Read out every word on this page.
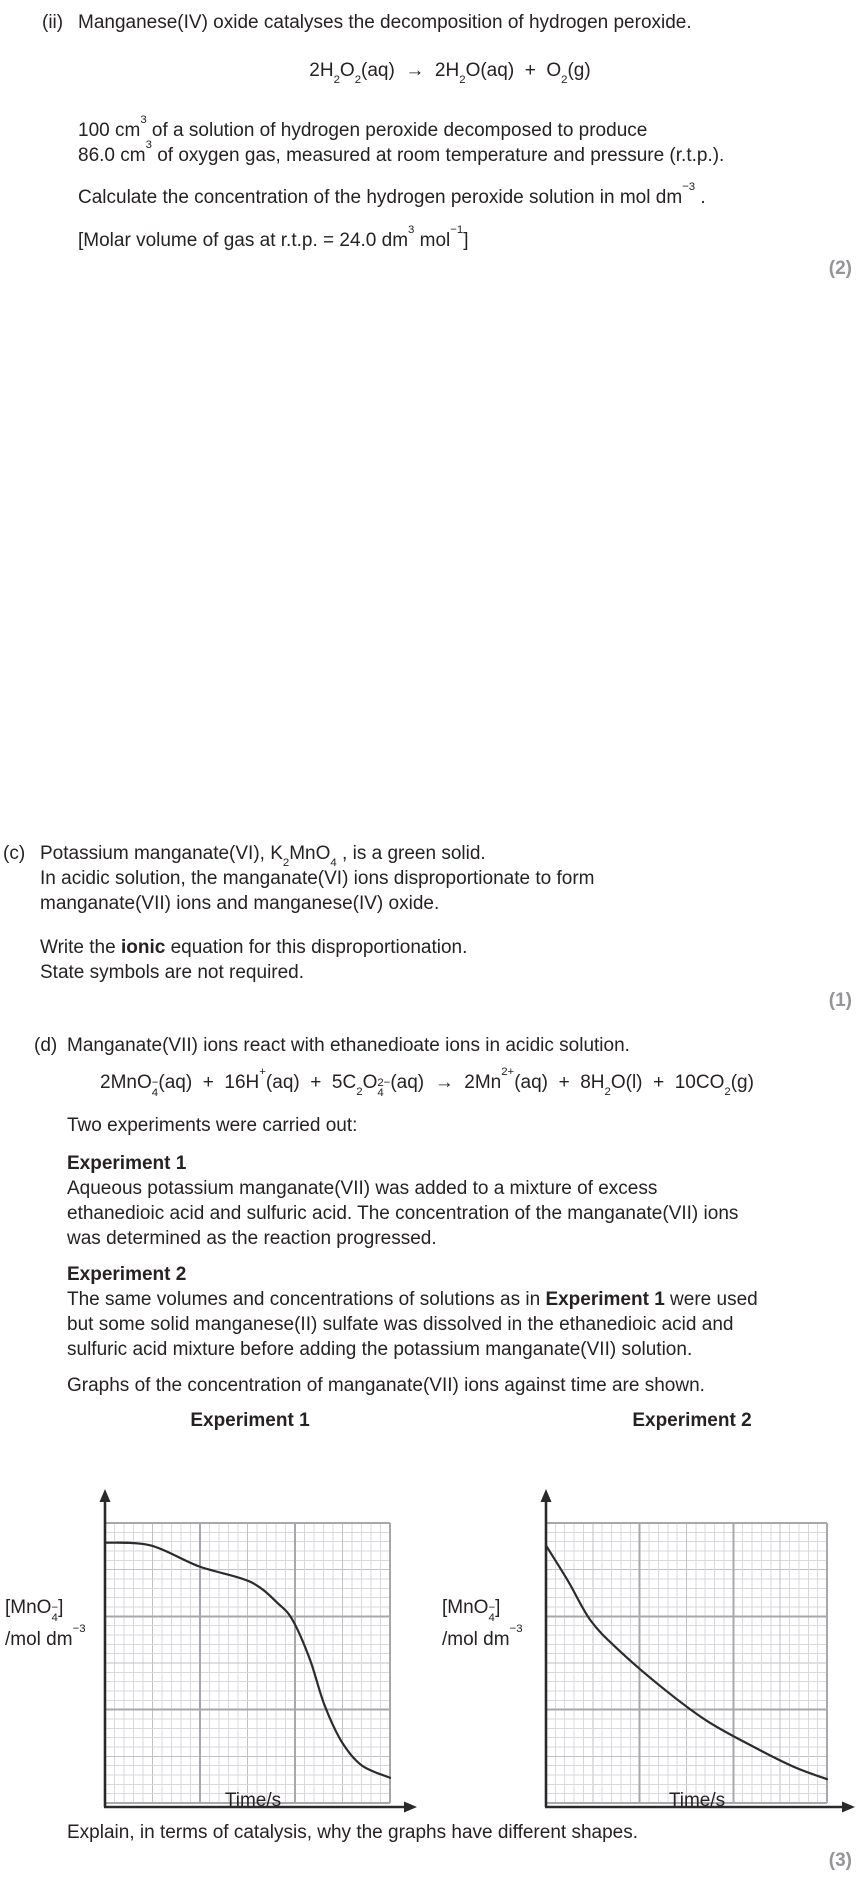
(ii) Manganese(IV) oxide catalyses the decomposition of hydrogen peroxide.
$2H_2O_2(aq) \to 2H_2O(aq) + O_2(g)$
100 $cm^3$ of a solution of hydrogen peroxide decomposed to produce
86.0 $cm^3$ of oxygen gas, measured at room temperature and pressure (r.t.p.).
Calculate the concentration of the hydrogen peroxide solution in mol $dm^{-3}$ .
[Molar volume of gas at r.t.p. = 24.0 $dm^3$ mol$^{-1}$]
(2)
(c) Potassium manganate(VI), $K_2MnO_4$ , is a green solid.
In acidic solution, the manganate(VI) ions disproportionate to form
manganate(VII) ions and manganese(IV) oxide.
Write the ionic equation for this disproportionation.
State symbols are not required.
(1)
(d) Manganate(VII) ions react with ethanedioate ions in acidic solution.
2MnO −
4 $(aq) + 16H^+(aq) + 5C_2O$ 2−
4 $(aq) \to 2Mn^{2+}(aq) + 8H_2O(l) + 10CO_2(g)$
Two experiments were carried out:
Experiment 1
Aqueous potassium manganate(VII) was added to a mixture of excess
ethanedioic acid and sulfuric acid. The concentration of the manganate(VII) ions
was determined as the reaction progressed.
Experiment 2
The same volumes and concentrations of solutions as in Experiment 1 were used
but some solid manganese(II) sulfate was dissolved in the ethanedioic acid and
sulfuric acid mixture before adding the potassium manganate(VII) solution.
Graphs of the concentration of manganate(VII) ions against time are shown.
Experiment 1	Experiment 2

[MnO −
4 ]
/mol $dm^{-3}$
[MnO −
4 ]
/mol $dm^{-3}$
Time/s	Time/s
Explain, in terms of catalysis, why the graphs have different shapes.
(3)
